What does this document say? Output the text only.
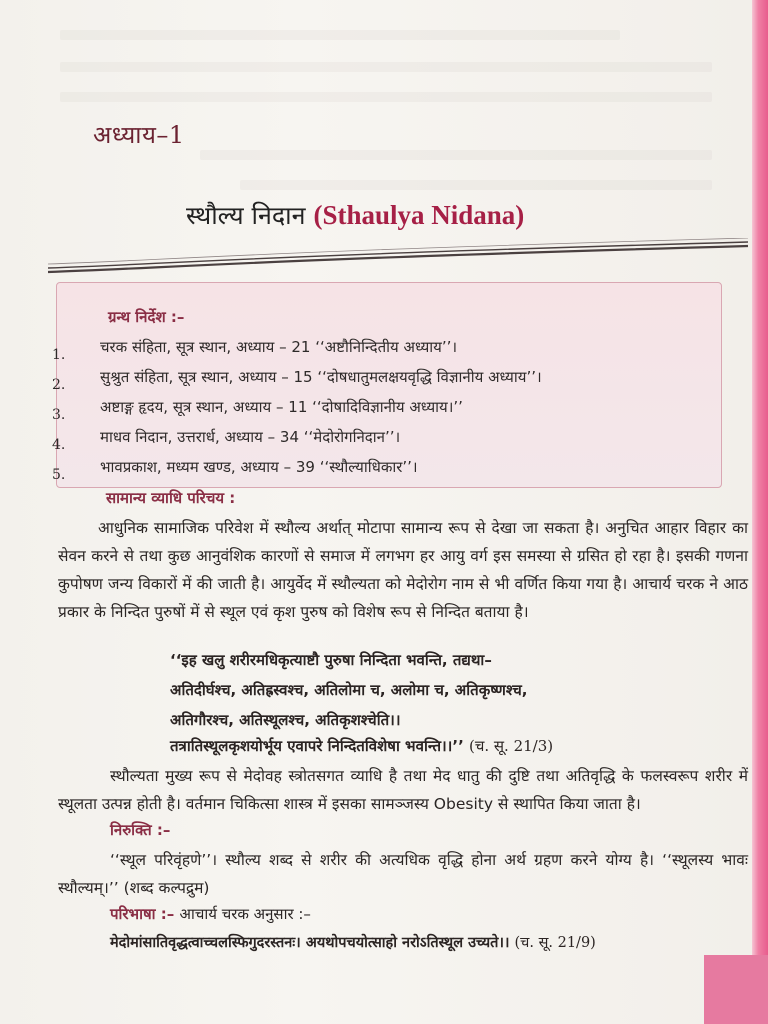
अध्याय–1
स्थौल्य निदान (Sthaulya Nidana)
ग्रन्थ निर्देश :–
1. चरक संहिता, सूत्र स्थान, अध्याय – 21 ‘‘अष्टौनिन्दितीय अध्याय’’।
2. सुश्रुत संहिता, सूत्र स्थान, अध्याय – 15 ‘‘दोषधातुमलक्षयवृद्धि विज्ञानीय अध्याय’’।
3. अष्टाङ्ग हृदय, सूत्र स्थान, अध्याय – 11 ‘‘दोषादिविज्ञानीय अध्याय।’’
4. माधव निदान, उत्तरार्ध, अध्याय – 34 ‘‘मेदोरोगनिदान’’।
5. भावप्रकाश, मध्यम खण्ड, अध्याय – 39 ‘‘स्थौल्याधिकार’’।
सामान्य व्याधि परिचय :

आधुनिक सामाजिक परिवेश में स्थौल्य अर्थात् मोटापा सामान्य रूप से देखा जा सकता है। अनुचित आहार विहार का सेवन करने से तथा कुछ आनुवंशिक कारणों से समाज में लगभग हर आयु वर्ग इस समस्या से ग्रसित हो रहा है। इसकी गणना कुपोषण जन्य विकारों में की जाती है। आयुर्वेद में स्थौल्यता को मेदोरोग नाम से भी वर्णित किया गया है। आचार्य चरक ने आठ प्रकार के निन्दित पुरुषों में से स्थूल एवं कृश पुरुष को विशेष रूप से निन्दित बताया है।

‘‘इह खलु शरीरमधिकृत्याष्टौ पुरुषा निन्दिता भवन्ति, तद्यथा–
अतिदीर्घश्च, अतिह्रस्वश्च, अतिलोमा च, अलोमा च, अतिकृष्णश्च,
अतिगौरश्च, अतिस्थूलश्च, अतिकृशश्चेति।।
तत्रातिस्थूलकृशयोर्भूय एवापरे निन्दितविशेषा भवन्ति।।’’ (च. सू. 21/3)

स्थौल्यता मुख्य रूप से मेदोवह स्त्रोतसगत व्याधि है तथा मेद धातु की दुष्टि तथा अतिवृद्धि के फलस्वरूप शरीर में स्थूलता उत्पन्न होती है। वर्तमान चिकित्सा शास्त्र में इसका सामञ्जस्य Obesity से स्थापित किया जाता है।

निरुक्ति :–

‘‘स्थूल परिवृंहणे’’। स्थौल्य शब्द से शरीर की अत्यधिक वृद्धि होना अर्थ ग्रहण करने योग्य है। ‘‘स्थूलस्य भावः स्थौल्यम्।’’ (शब्द कल्पद्रुम)

परिभाषा :– आचार्य चरक अनुसार :–
मेदोमांसातिवृद्धत्वाच्चलस्फिगुदरस्तनः। अयथोपचयोत्साहो नरोऽतिस्थूल उच्यते।। (च. सू. 21/9)
